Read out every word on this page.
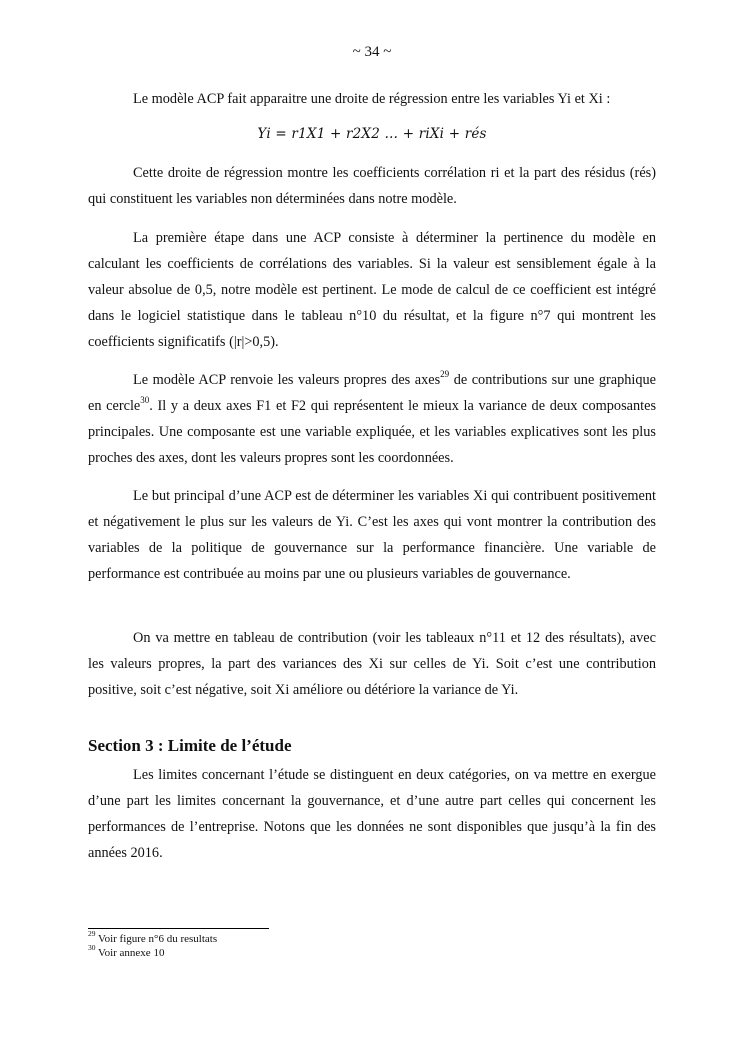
~ 34 ~

Le modèle ACP fait apparaitre une droite de régression entre les variables Yi et Xi :

𝑌𝑖 = 𝑟1𝑋1 + 𝑟2𝑋2 … + 𝑟𝑖𝑋𝑖 + 𝑟é𝑠

Cette droite de régression montre les coefficients corrélation ri et la part des résidus (rés) qui constituent les variables non déterminées dans notre modèle.

La première étape dans une ACP consiste à déterminer la pertinence du modèle en calculant les coefficients de corrélations des variables. Si la valeur est sensiblement égale à la valeur absolue de 0,5, notre modèle est pertinent. Le mode de calcul de ce coefficient est intégré dans le logiciel statistique dans le tableau n°10 du résultat, et la figure n°7 qui montrent les coefficients significatifs (|r|>0,5).

Le modèle ACP renvoie les valeurs propres des axes$^{29}$ de contributions sur une graphique en cercle$^{30}$. Il y a deux axes F1 et F2 qui représentent le mieux la variance de deux composantes principales. Une composante est une variable expliquée, et les variables explicatives sont les plus proches des axes, dont les valeurs propres sont les coordonnées.

Le but principal d’une ACP est de déterminer les variables Xi qui contribuent positivement et négativement le plus sur les valeurs de Yi. C’est les axes qui vont montrer la contribution des variables de la politique de gouvernance sur la performance financière. Une variable de performance est contribuée au moins par une ou plusieurs variables de gouvernance.

On va mettre en tableau de contribution (voir les tableaux n°11 et 12 des résultats), avec les valeurs propres, la part des variances des Xi sur celles de Yi. Soit c’est une contribution positive, soit c’est négative, soit Xi améliore ou détériore la variance de Yi.

Section 3 : Limite de l’étude

Les limites concernant l’étude se distinguent en deux catégories, on va mettre en exergue d’une part les limites concernant la gouvernance, et d’une autre part celles qui concernent les performances de l’entreprise. Notons que les données ne sont disponibles que jusqu’à la fin des années 2016.

$^{29}$ Voir figure n°6 du resultats
$^{30}$ Voir annexe 10
